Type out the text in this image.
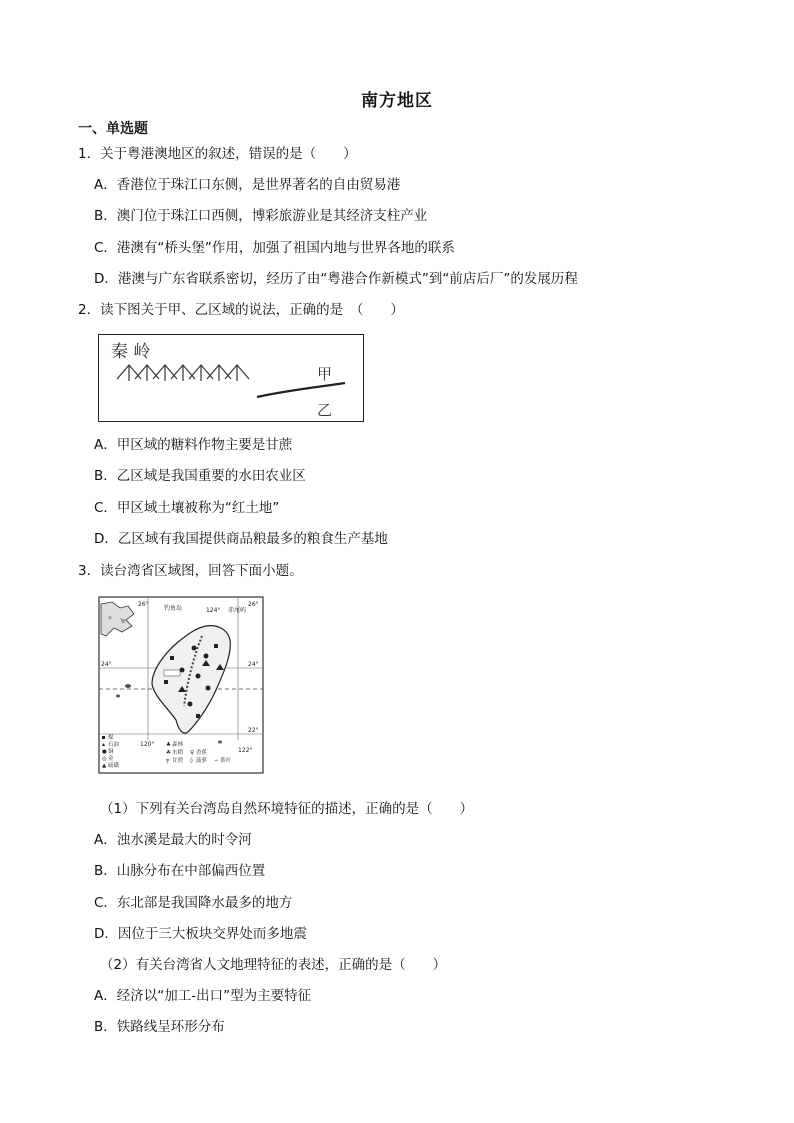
南方地区
一、单选题
1．关于粤港澳地区的叙述，错误的是（　　）
A．香港位于珠江口东侧，是世界著名的自由贸易港
B．澳门位于珠江口西侧，博彩旅游业是其经济支柱产业
C．港澳有“桥头堡”作用，加强了祖国内地与世界各地的联系
D．港澳与广东省联系密切，经历了由“粤港合作新模式”到“前店后厂”的发展历程
2．读下图关于甲、乙区域的说法，正确的是　（　　）
秦 岭
甲
乙
A．甲区域的糖料作物主要是甘蔗
B．乙区域是我国重要的水田农业区
C．甲区域土壤被称为“红土地”
D．乙区域有我国提供商品粮最多的粮食生产基地
3．读台湾省区域图，回答下面小题。
26°	26°
24°	24°
22°
120°
122°
124°
钓鱼岛	赤尾屿
煤
石油
● 铜
◎ 金
▲ 硫磺
♣ 森林
☘ 水稻
╤ 甘蔗
♀ 香蕉
◊ 菠萝 ∽ 茶叶
（1）下列有关台湾岛自然环境特征的描述，正确的是（　　）
A．浊水溪是最大的时令河
B．山脉分布在中部偏西位置
C．东北部是我国降水最多的地方
D．因位于三大板块交界处而多地震
（2）有关台湾省人文地理特征的表述，正确的是（　　）
A．经济以“加工-出口”型为主要特征
B．铁路线呈环形分布
